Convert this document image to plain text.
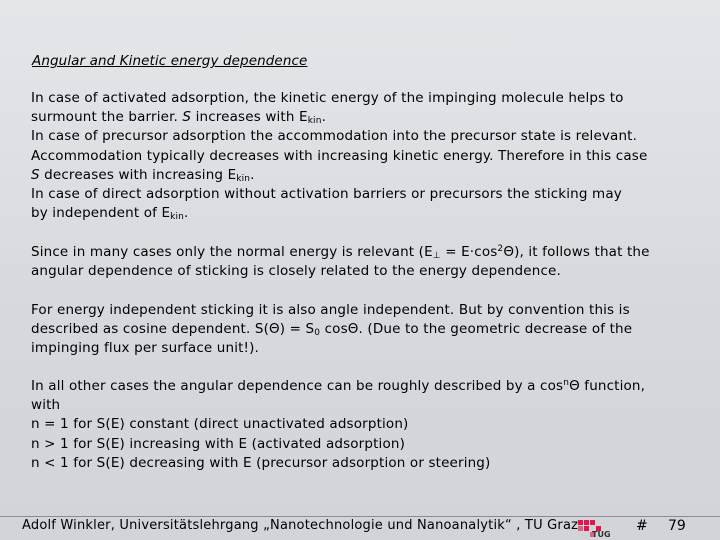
Angular and Kinetic energy dependence

In case of activated adsorption, the kinetic energy of the impinging molecule helps to

surmount the barrier. S increases with $E_{kin}$.

In case of precursor adsorption the accommodation into the precursor state is relevant.

Accommodation typically decreases with increasing kinetic energy. Therefore in this case

S decreases with increasing $E_{kin}$.

In case of direct adsorption without activation barriers or precursors the sticking may

by independent of $E_{kin}$.

Since in many cases only the normal energy is relevant $(E_\perp = E\cdot\cos^2\Theta)$, it follows that the

angular dependence of sticking is closely related to the energy dependence.

For energy independent sticking it is also angle independent. But by convention this is

described as cosine dependent. $S(\Theta) = S_0$ cosΘ. (Due to the geometric decrease of the

impinging flux per surface unit!).

In all other cases the angular dependence can be roughly described by a $\cos^n\Theta$ function,

with

n = 1 for S(E) constant (direct unactivated adsorption)

n > 1 for S(E) increasing with E (activated adsorption)

n < 1 for S(E) decreasing with E (precursor adsorption or steering)

Adolf Winkler, Universitätslehrgang „Nanotechnologie und Nanoanalytik“ , TU Graz
TUG
# 79
